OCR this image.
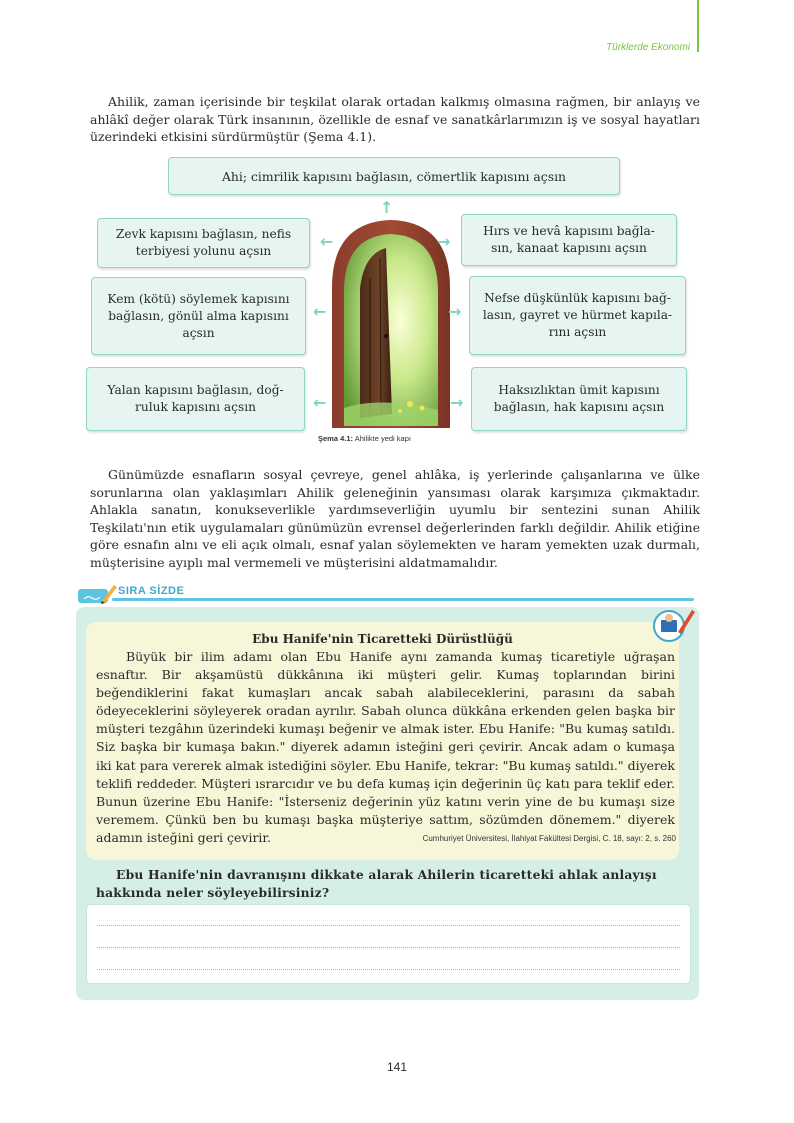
Türklerde Ekonomi

Ahilik, zaman içerisinde bir teşkilat olarak ortadan kalkmış olmasına rağmen, bir anlayış ve ahlâkî değer olarak Türk insanının, özellikle de esnaf ve sanatkârlarımızın iş ve sosyal hayatları üzerindeki etkisini sürdürmüştür (Şema 4.1).

Ahi; cimrilik kapısını bağlasın, cömertlik kapısını açsın
Zevk kapısını bağlasın, nefis terbiyesi yolunu açsın
Kem (kötü) söylemek kapısını bağlasın, gönül alma kapısını açsın
Yalan kapısını bağlasın, doğ- ruluk kapısını açsın
Hırs ve hevâ kapısını bağla- sın, kanaat kapısını açsın
Nefse düşkünlük kapısını bağ- lasın, gayret ve hürmet kapıla- rını açsın
Haksızlıktan ümit kapısını bağlasın, hak kapısını açsın
↑
←
←
←
→
→
→
Şema 4.1: Ahilikte yedi kapı

Günümüzde esnafların sosyal çevreye, genel ahlâka, iş yerlerinde çalışanlarına ve ülke sorunlarına olan yaklaşımları Ahilik geleneğinin yansıması olarak karşımıza çıkmaktadır. Ahlakla sanatın, konukseverlikle yardımseverliğin uyumlu bir sentezini sunan Ahilik Teşkilatı'nın etik uygulamaları günümüzün evrensel değerlerinden farklı değildir. Ahilik etiğine göre esnafın alnı ve eli açık olmalı, esnaf yalan söylemekten ve haram yemekten uzak durmalı, müşterisine ayıplı mal vermemeli ve müşterisini aldatmamalıdır.

SIRA SİZDE
Ebu Hanife'nin Ticaretteki Dürüstlüğü

Büyük bir ilim adamı olan Ebu Hanife aynı zamanda kumaş ticaretiyle uğraşan esnaftır. Bir akşamüstü dükkânına iki müşteri gelir. Kumaş toplarından birini beğendiklerini fakat kumaşları ancak sabah alabileceklerini, parasını da sabah ödeyeceklerini söyleyerek oradan ayrılır. Sabah olunca dükkâna erkenden gelen başka bir müşteri tezgâhın üzerindeki kumaşı beğenir ve almak ister. Ebu Hanife: "Bu kumaş satıldı. Siz başka bir kumaşa bakın." diyerek adamın isteğini geri çevirir. Ancak adam o kumaşa iki kat para vererek almak istediğini söyler. Ebu Hanife, tekrar: "Bu kumaş satıldı." diyerek teklifi reddeder. Müşteri ısrarcıdır ve bu defa kumaş için değerinin üç katı para teklif eder. Bunun üzerine Ebu Hanife: "İsterseniz değerinin yüz katını verin yine de bu kumaşı size veremem. Çünkü ben bu kumaşı başka müşteriye sattım, sözümden dönemem." diyerek adamın isteğini geri çevirir.	Cumhuriyet Üniversitesi, İlahiyat Fakültesi Dergisi, C. 18, sayı: 2, s. 260

Ebu Hanife'nin davranışını dikkate alarak Ahilerin ticaretteki ahlak anlayışı hakkında neler söyleyebilirsiniz?

141
